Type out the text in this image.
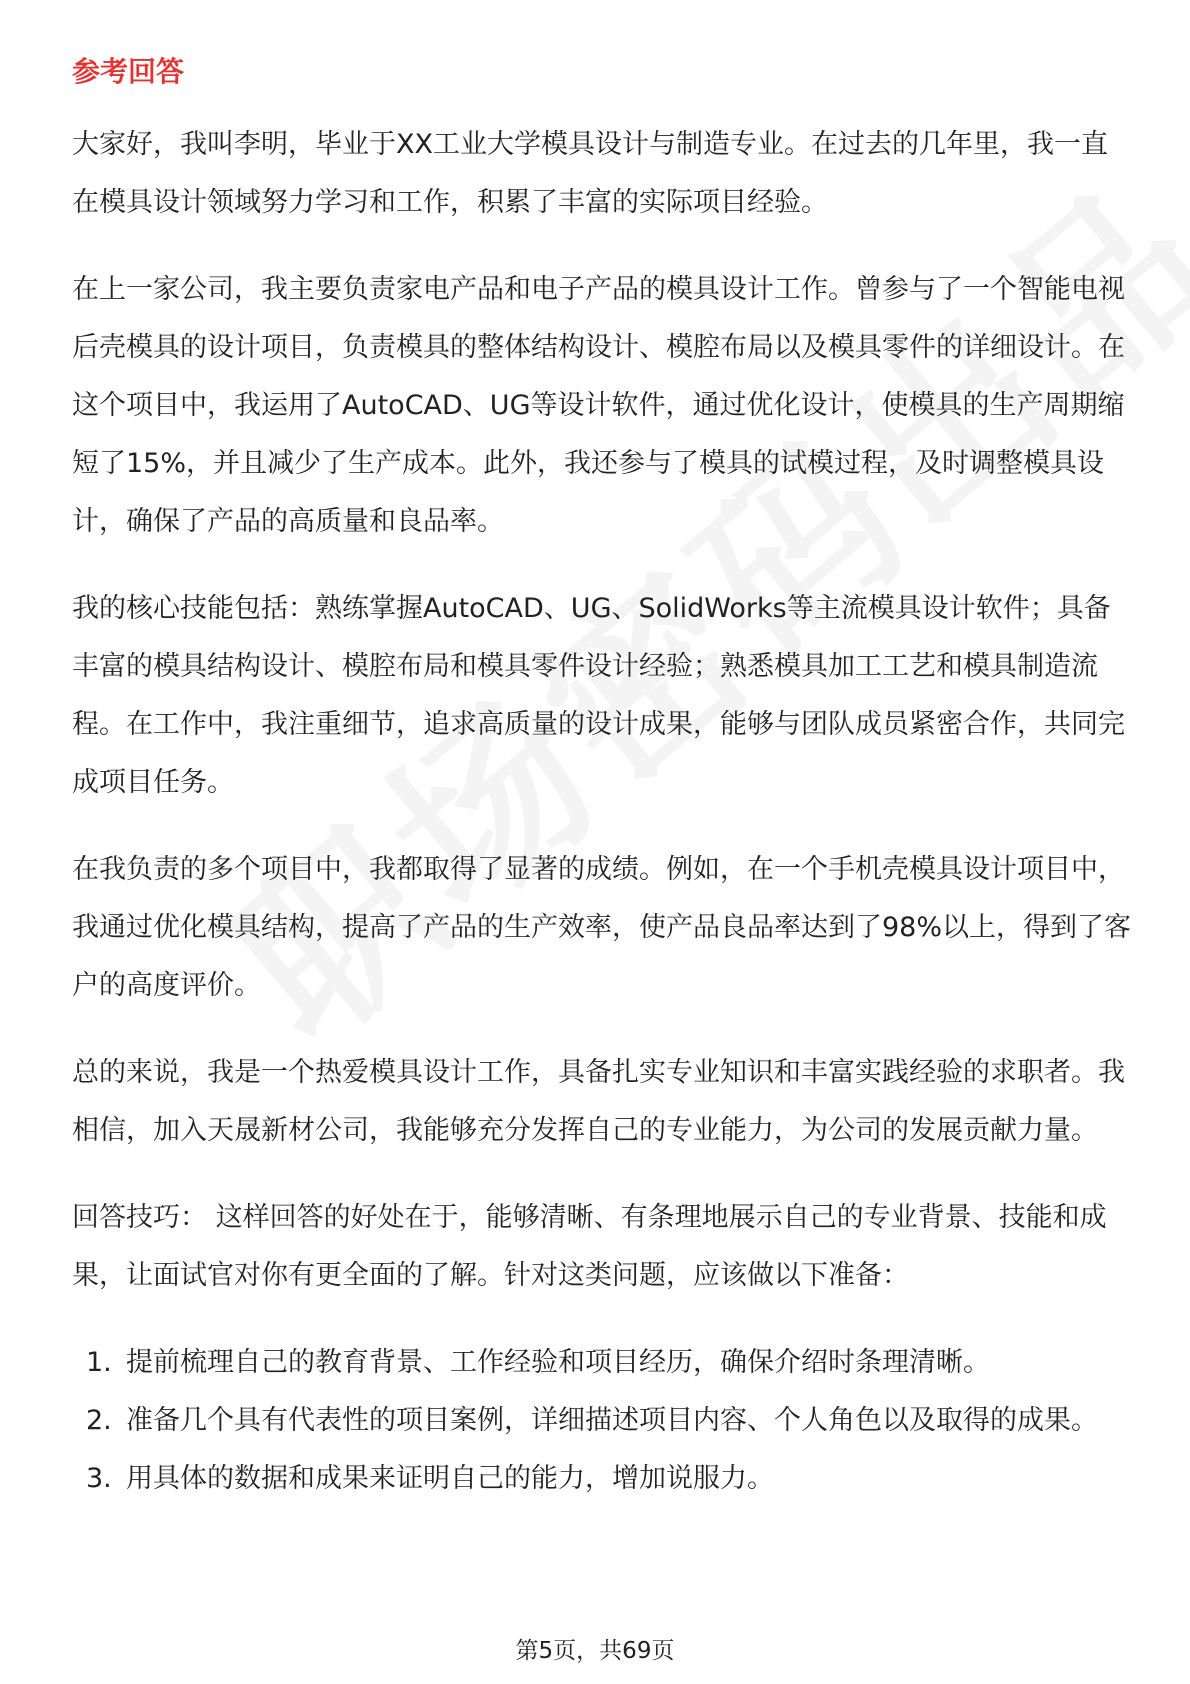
参考回答

大家好，我叫李明，毕业于XX工业大学模具设计与制造专业。在过去的几年里，我一直在模具设计领域努力学习和工作，积累了丰富的实际项目经验。

在上一家公司，我主要负责家电产品和电子产品的模具设计工作。曾参与了一个智能电视后壳模具的设计项目，负责模具的整体结构设计、模腔布局以及模具零件的详细设计。在这个项目中，我运用了AutoCAD、UG等设计软件，通过优化设计，使模具的生产周期缩短了15%，并且减少了生产成本。此外，我还参与了模具的试模过程，及时调整模具设计，确保了产品的高质量和良品率。

我的核心技能包括：熟练掌握AutoCAD、UG、SolidWorks等主流模具设计软件；具备丰富的模具结构设计、模腔布局和模具零件设计经验；熟悉模具加工工艺和模具制造流程。在工作中，我注重细节，追求高质量的设计成果，能够与团队成员紧密合作，共同完成项目任务。

在我负责的多个项目中，我都取得了显著的成绩。例如，在一个手机壳模具设计项目中，我通过优化模具结构，提高了产品的生产效率，使产品良品率达到了98%以上，得到了客户的高度评价。

总的来说，我是一个热爱模具设计工作，具备扎实专业知识和丰富实践经验的求职者。我相信，加入天晟新材公司，我能够充分发挥自己的专业能力，为公司的发展贡献力量。

回答技巧： 这样回答的好处在于，能够清晰、有条理地展示自己的专业背景、技能和成果，让面试官对你有更全面的了解。针对这类问题，应该做以下准备：

1. 提前梳理自己的教育背景、工作经验和项目经历，确保介绍时条理清晰。
2. 准备几个具有代表性的项目案例，详细描述项目内容、个人角色以及取得的成果。
3. 用具体的数据和成果来证明自己的能力，增加说服力。
第5页，共69页
